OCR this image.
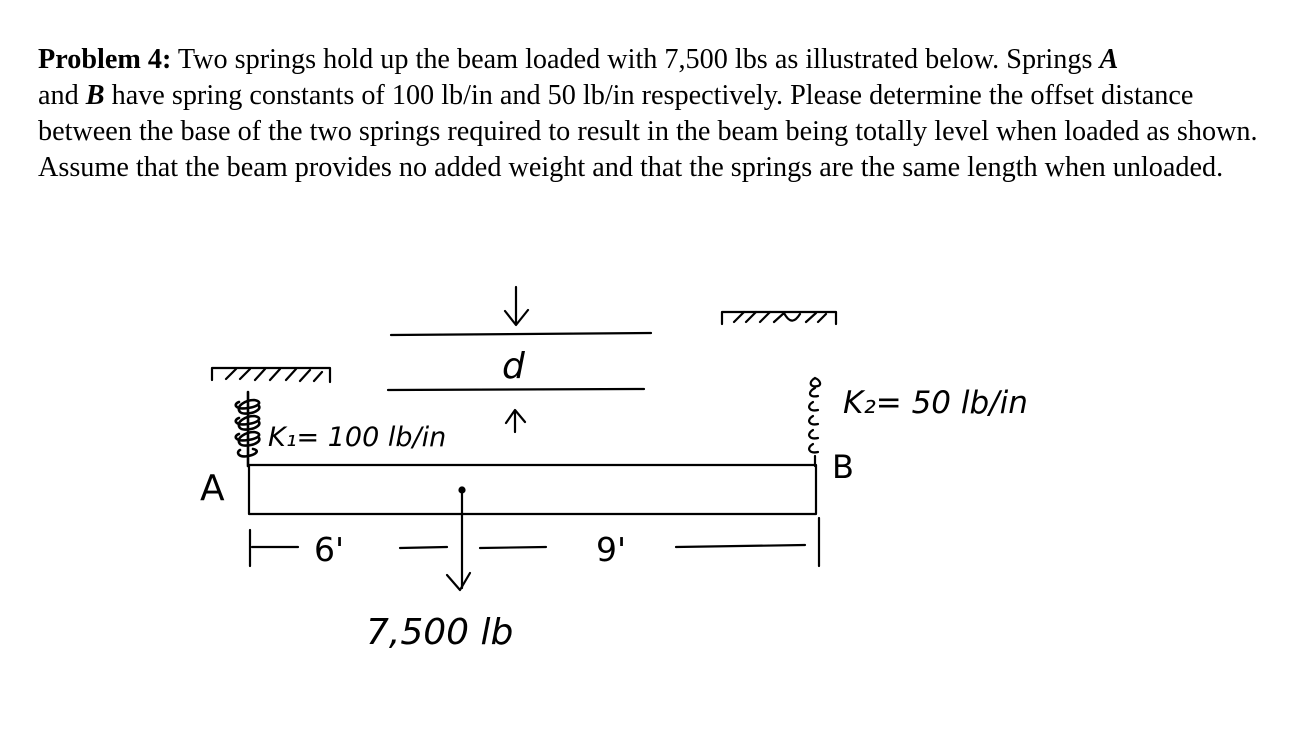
Problem 4: Two springs hold up the beam loaded with 7,500 lbs as illustrated below. Springs A
and B have spring constants of 100 lb/in and 50 lb/in respectively. Please determine the offset distance between the base of the two springs required to result in the beam being totally level when loaded as shown. Assume that the beam provides no added weight and that the springs are the same length when unloaded.

A
B
K₁= 100 lb/in
K₂= 50 lb/in
d
6'	9'
7,500 lb
